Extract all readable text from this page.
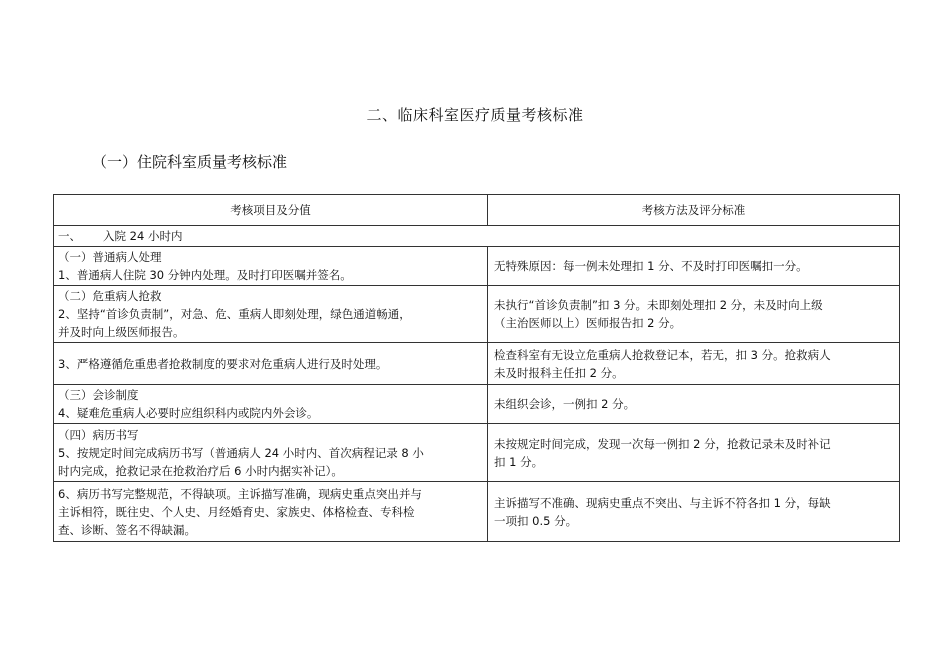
二、临床科室医疗质量考核标准
（一）住院科室质量考核标准
考核项目及分值	考核方法及评分标准
一、 入院 24 小时内	

（一）普通病人处理
1、普通病人住院 30 分钟内处理。及时打印医嘱并签名。	无特殊原因：每一例未处理扣 1 分、不及时打印医嘱扣一分。

（二）危重病人抢救
2、坚持“首诊负责制”，对急、危、重病人即刻处理，绿色通道畅通，
并及时向上级医师报告。	未执行“首诊负责制”扣 3 分。未即刻处理扣 2 分，未及时向上级
（主治医师以上）医师报告扣 2 分。

3、严格遵循危重患者抢救制度的要求对危重病人进行及时处理。	检查科室有无设立危重病人抢救登记本，若无，扣 3 分。抢救病人
未及时报科主任扣 2 分。

（三）会诊制度
4、疑难危重病人必要时应组织科内或院内外会诊。	未组织会诊，一例扣 2 分。

（四）病历书写
5、按规定时间完成病历书写（普通病人 24 小时内、首次病程记录 8 小
时内完成，抢救记录在抢救治疗后 6 小时内据实补记）。	未按规定时间完成，发现一次每一例扣 2 分，抢救记录未及时补记
扣 1 分。

6、病历书写完整规范，不得缺项。主诉描写准确，现病史重点突出并与
主诉相符，既往史、个人史、月经婚育史、家族史、体格检查、专科检
查、诊断、签名不得缺漏。	主诉描写不准确、现病史重点不突出、与主诉不符各扣 1 分，每缺
一项扣 0.5 分。
